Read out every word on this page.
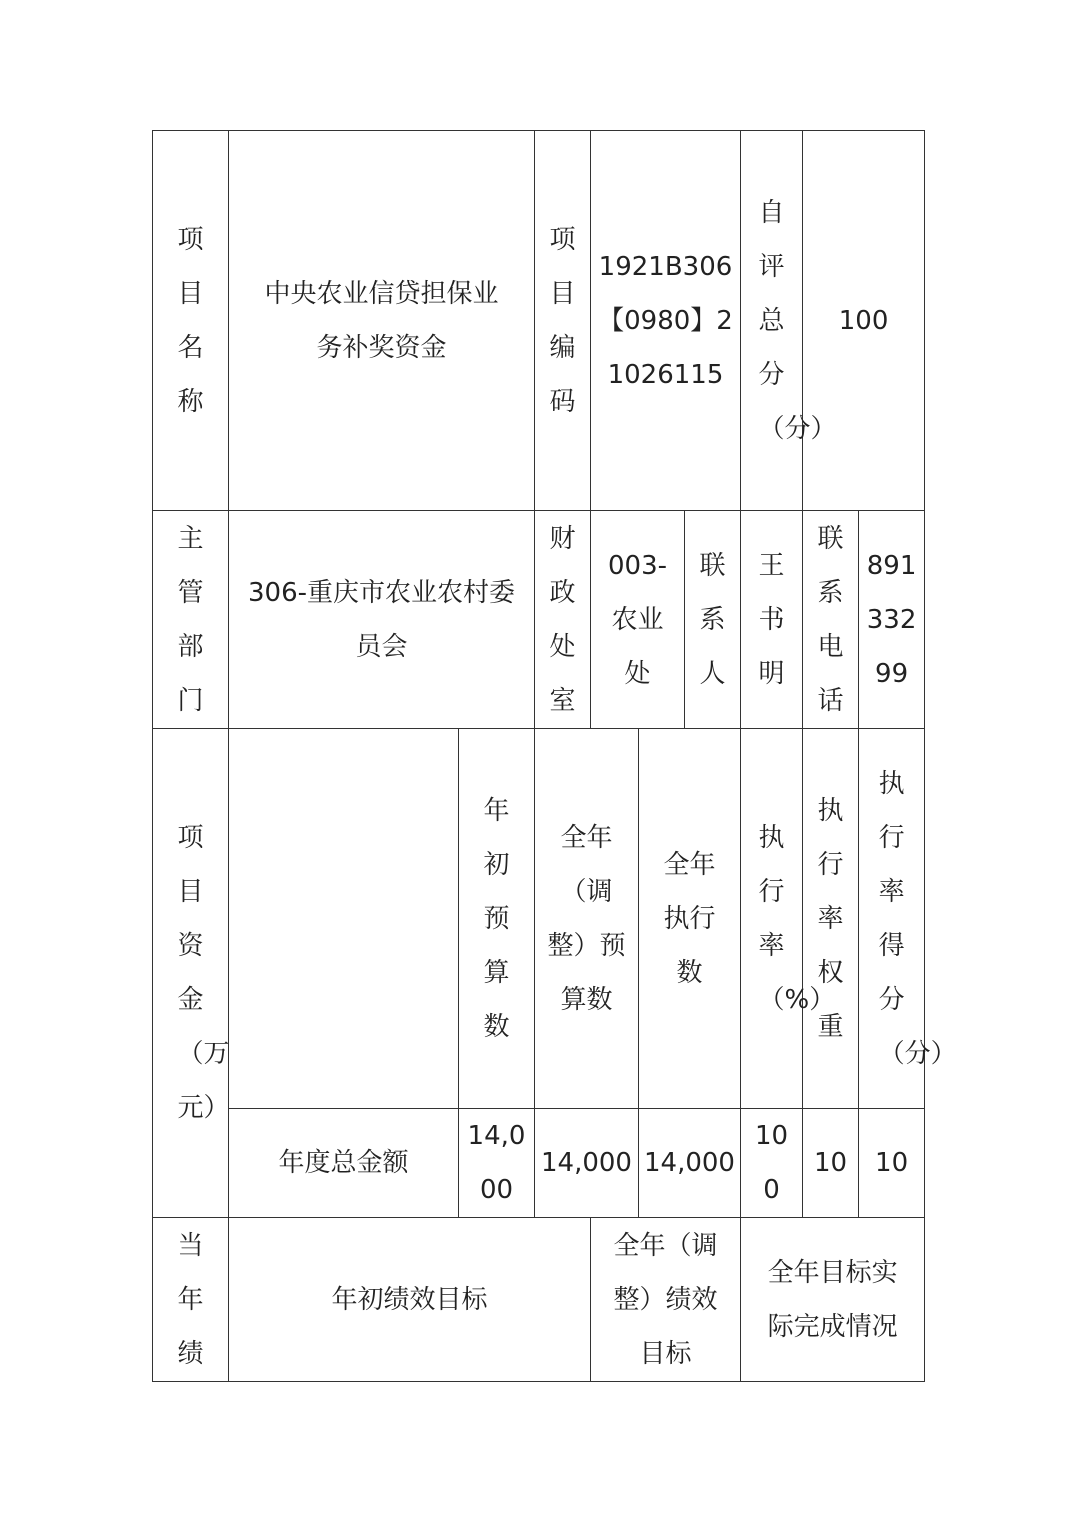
项目名称	中央农业信贷担保业务补奖资金		项目编码	1921B306【0980】21026115			自评总分（分）	100	

主管部门	306-重庆市农业农村委员会		财政处室	003-农业处		联系人	王书明	联系电话	89133299

项目资金（万元）		年初预算数	全年（调整）预算数		全年执行数		执行率（%）	执行率权重	执行率得分（分）

	年度总金额	14,000	14,000		14,000		100	10	10

当年绩	年初绩效目标			全年（调整）绩效目标			全年目标实际完成情况		
